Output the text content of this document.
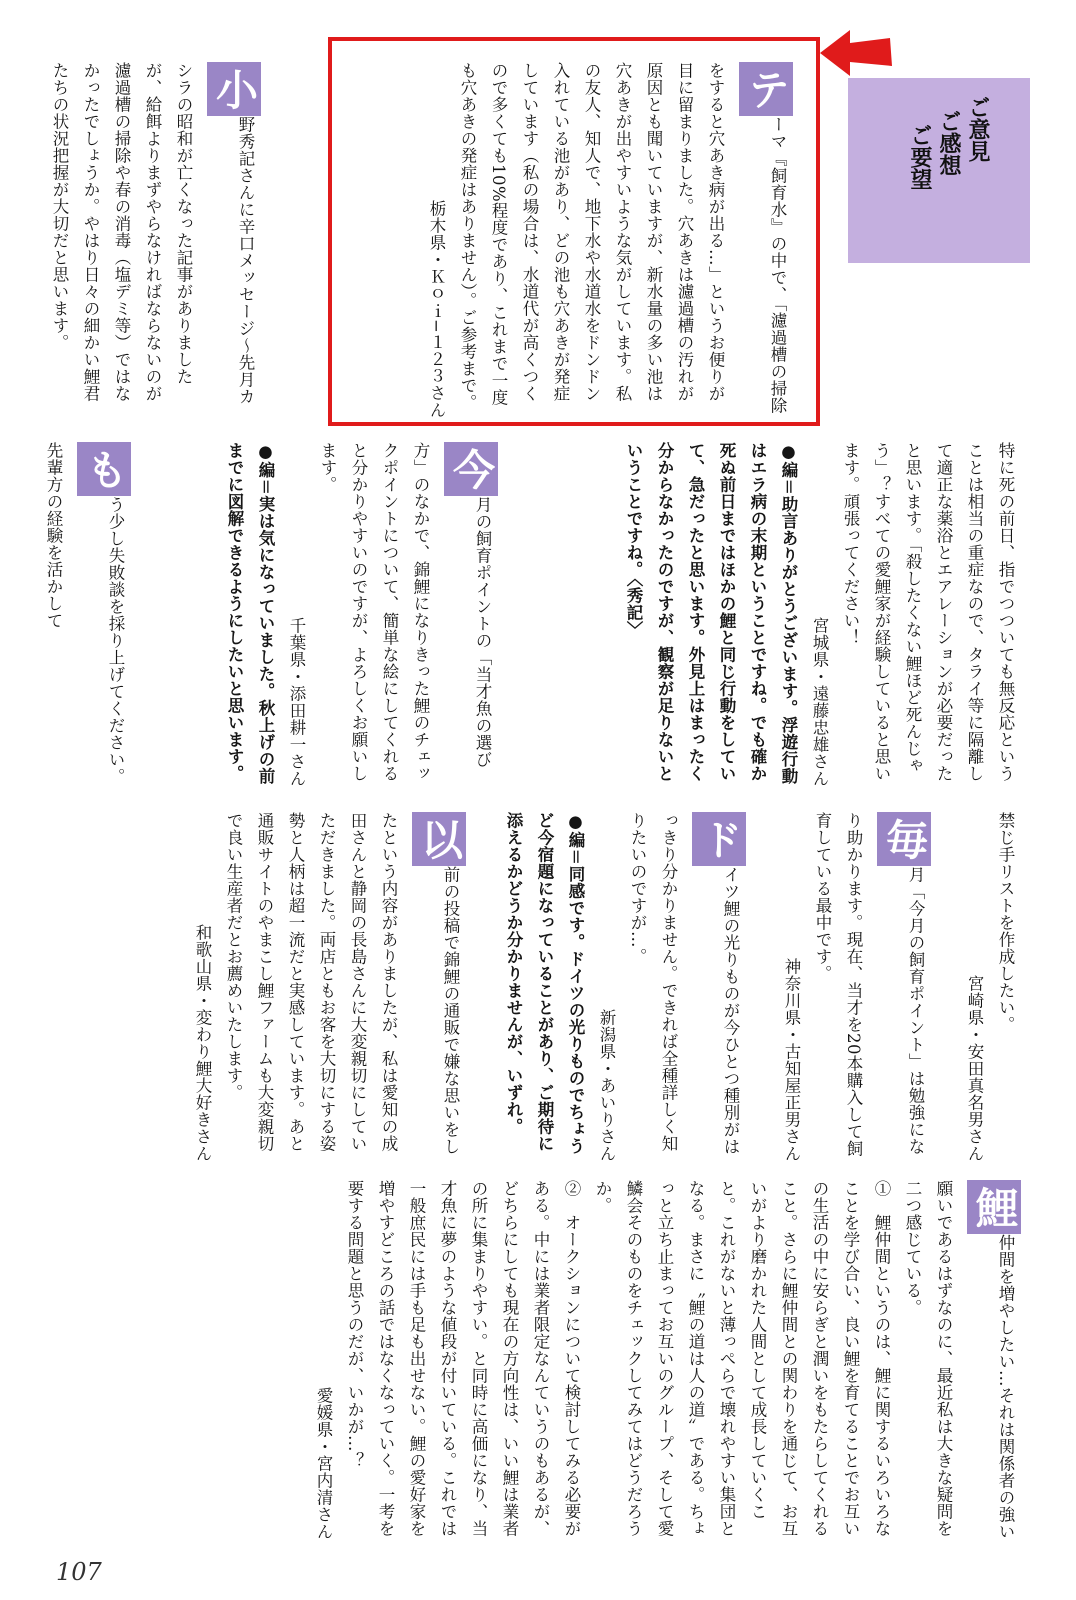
ご意見
ご感想
ご要望

テーマ『飼育水』の中で、「濾過槽の掃除をすると穴あき病が出る…」というお便りが目に留まりました。穴あきは濾過槽の汚れが原因とも聞いていますが、新水量の多い池は穴あきが出やすいような気がしています。私の友人、知人で、地下水や水道水をドンドン入れている池があり、どの池も穴あきが発症しています（私の場合は、水道代が高くつくので多くても10%程度であり、これまで一度も穴あきの発症はありません）。ご参考まで。

栃木県・Ｋｏｉ−１２３さん

小野秀記さんに辛口メッセージ～先月カシラの昭和が亡くなった記事がありましたが、給餌よりまずやらなければならないのが濾過槽の掃除や春の消毒（塩デミ等）ではなかったでしょうか。やはり日々の細かい鯉君たちの状況把握が大切だと思います。

特に死の前日、指でつついても無反応ということは相当の重症なので、タライ等に隔離して適正な薬浴とエアレーションが必要だったと思います。「殺したくない鯉ほど死んじゃう」？すべての愛鯉家が経験していると思います。頑張ってください！

宮城県・遠藤忠雄さん

●編＝助言ありがとうございます。浮遊行動はエラ病の末期ということですね。でも確か死ぬ前日まではほかの鯉と同じ行動をしていて、急だったと思います。外見上はまったく分からなかったのですが、観察が足りないということですね。〈秀記〉

今月の飼育ポイントの「当才魚の選び方」のなかで、錦鯉になりきった鯉のチェックポイントについて、簡単な絵にしてくれると分かりやすいのですが、よろしくお願いします。

千葉県・添田耕一さん

●編＝実は気になっていました。秋上げの前までに図解できるようにしたいと思います。

もう少し失敗談を採り上げてください。先輩方の経験を活かして

禁じ手リストを作成したい。

宮崎県・安田真名男さん

毎月「今月の飼育ポイント」は勉強になり助かります。現在、当才を20本購入して飼育している最中です。

神奈川県・古知屋正男さん

ドイツ鯉の光りものが今ひとつ種別がはっきり分かりません。できれば全種詳しく知りたいのですが…。

新潟県・あいりさん

●編＝同感です。ドイツの光りものでちょうど今宿題になっていることがあり、ご期待に添えるかどうか分かりませんが、いずれ。

以前の投稿で錦鯉の通販で嫌な思いをしたという内容がありましたが、私は愛知の成田さんと静岡の長島さんに大変親切にしていただきました。両店ともお客を大切にする姿勢と人柄は超一流だと実感しています。あと通販サイトのやまこし鯉ファームも大変親切で良い生産者だとお薦めいたします。

和歌山県・変わり鯉大好きさん

鯉仲間を増やしたい…それは関係者の強い願いであるはずなのに、最近私は大きな疑問を二つ感じている。

①　鯉仲間というのは、鯉に関するいろいろなことを学び合い、良い鯉を育てることでお互いの生活の中に安らぎと潤いをもたらしてくれること。さらに鯉仲間との関わりを通じて、お互いがより磨かれた人間として成長していくこと。これがないと薄っぺらで壊れやすい集団となる。まさに〝鯉の道は人の道〟である。ちょっと立ち止まってお互いのグループ、そして愛鱗会そのものをチェックしてみてはどうだろうか。

②　オークションについて検討してみる必要がある。中には業者限定なんていうのもあるが、どちらにしても現在の方向性は、いい鯉は業者の所に集まりやすい。と同時に高価になり、当才魚に夢のような値段が付いている。これでは一般庶民には手も足も出せない。鯉の愛好家を増やすどころの話ではなくなっていく。一考を要する問題と思うのだが、いかが…？

愛媛県・宮内清さん

107
